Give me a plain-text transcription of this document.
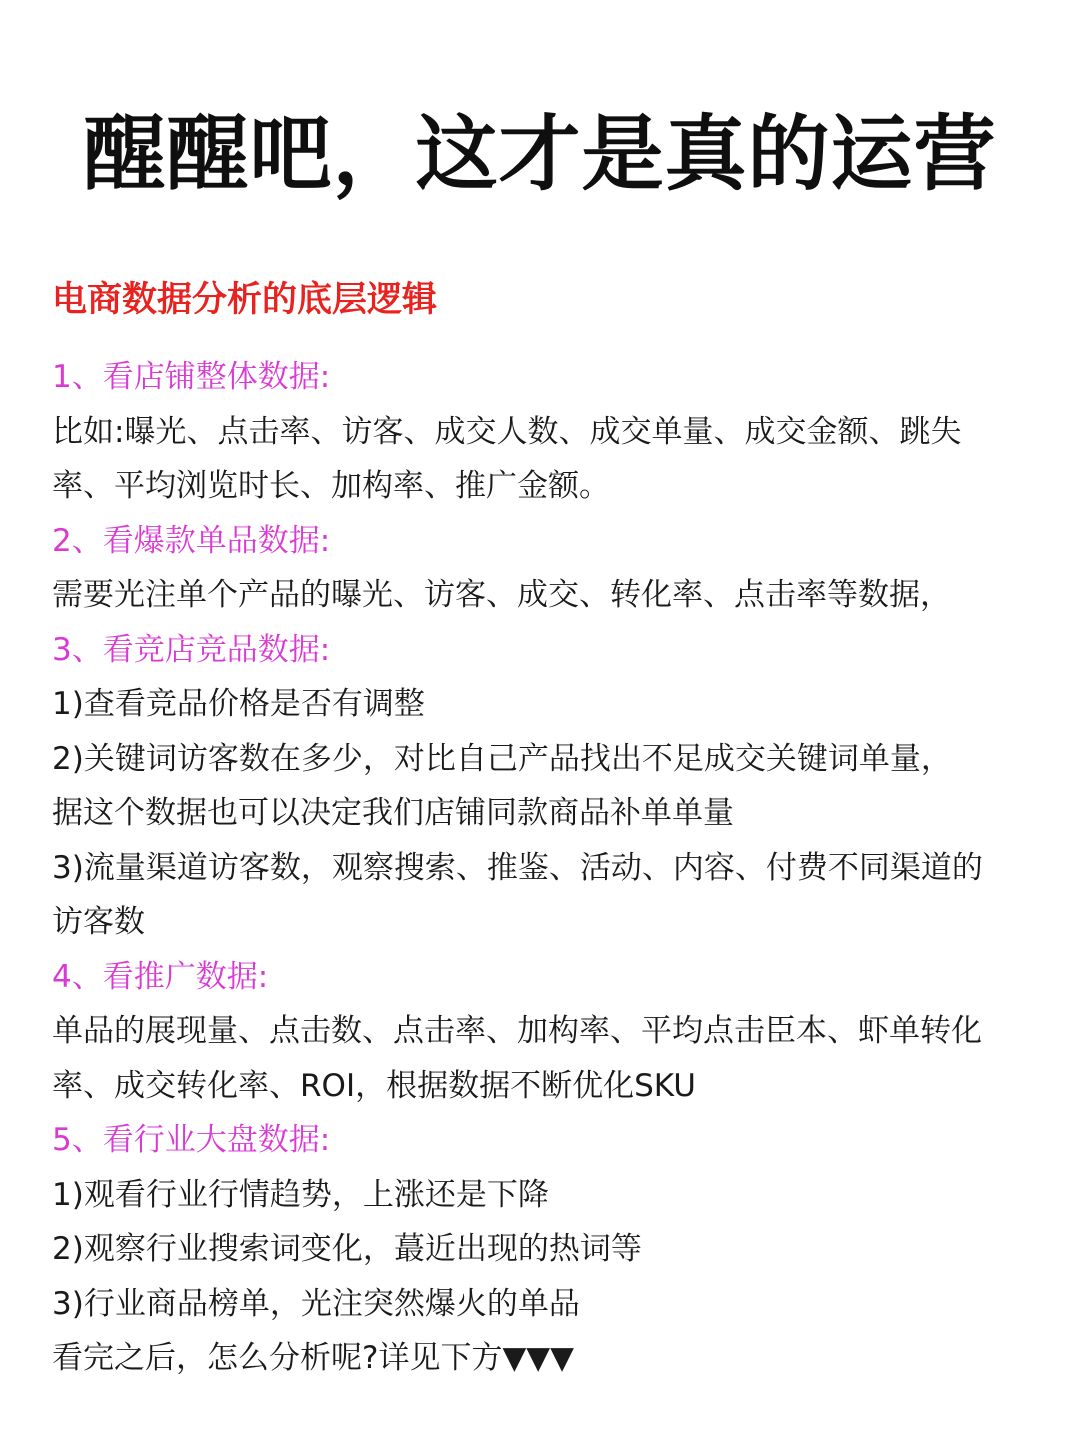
醒醒吧，这才是真的运营
电商数据分析的底层逻辑

1、看店铺整体数据:

比如:曝光、点击率、访客、成交人数、成交单量、成交金额、跳失

率、平均浏览时长、加构率、推广金额。

2、看爆款单品数据:

需要光注单个产品的曝光、访客、成交、转化率、点击率等数据，

3、看竞店竞品数据:

1)查看竞品价格是否有调整

2)关键词访客数在多少，对比自己产品找出不足成交关键词单量，

据这个数据也可以决定我们店铺同款商品补单单量

3)流量渠道访客数，观察搜索、推鉴、活动、内容、付费不同渠道的

访客数

4、看推广数据:

单品的展现量、点击数、点击率、加构率、平均点击臣本、虾单转化

率、成交转化率、ROI，根据数据不断优化SKU

5、看行业大盘数据:

1)观看行业行情趋势，上涨还是下降

2)观察行业搜索词变化，蕞近出现的热词等

3)行业商品榜单，光注突然爆火的单品

看完之后，怎么分析呢?详见下方▼▼▼
